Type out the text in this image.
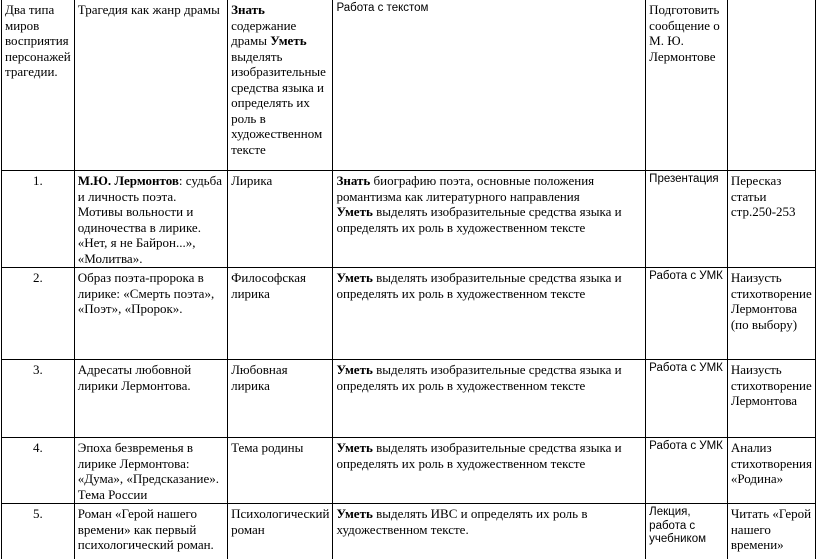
Два типа миров восприятия персонажей трагедии.	Трагедия как жанр драмы	Знать содержание драмы Уметь выделять изобразительные средства языка и определять их роль в художественном тексте	Работа с текстом	Подготовить сообщение о М. Ю. Лермонтове	
1.	М.Ю. Лермонтов: судьба и личность поэта. Мотивы вольности и одиночества в лирике. «Нет, я не Байрон...», «Молитва».	Лирика	Знать биографию поэта, основные положения романтизма как литературного направления
Уметь выделять изобразительные средства языка и определять их роль в художественном тексте	Презентация	Пересказ статьи стр.250-253
2.	Образ поэта-пророка в лирике: «Смерть поэта», «Поэт», «Пророк».	Философская лирика	Уметь выделять изобразительные средства языка и определять их роль в художественном тексте	Работа с УМК	Наизусть стихотворение Лермонтова (по выбору)
3.	Адресаты любовной лирики Лермонтова.	Любовная лирика	Уметь выделять изобразительные средства языка и определять их роль в художественном тексте	Работа с УМК	Наизусть стихотворение Лермонтова
4.	Эпоха безвременья в лирике Лермонтова: «Дума», «Предсказание». Тема России	Тема родины	Уметь выделять изобразительные средства языка и определять их роль в художественном тексте	Работа с УМК	Анализ стихотворения «Родина»
5.	Роман «Герой нашего времени» как первый психологический роман.	Психологический роман	Уметь выделять ИВС и определять их роль в художественном тексте.	Лекция, работа с учебником	Читать «Герой нашего времени»
